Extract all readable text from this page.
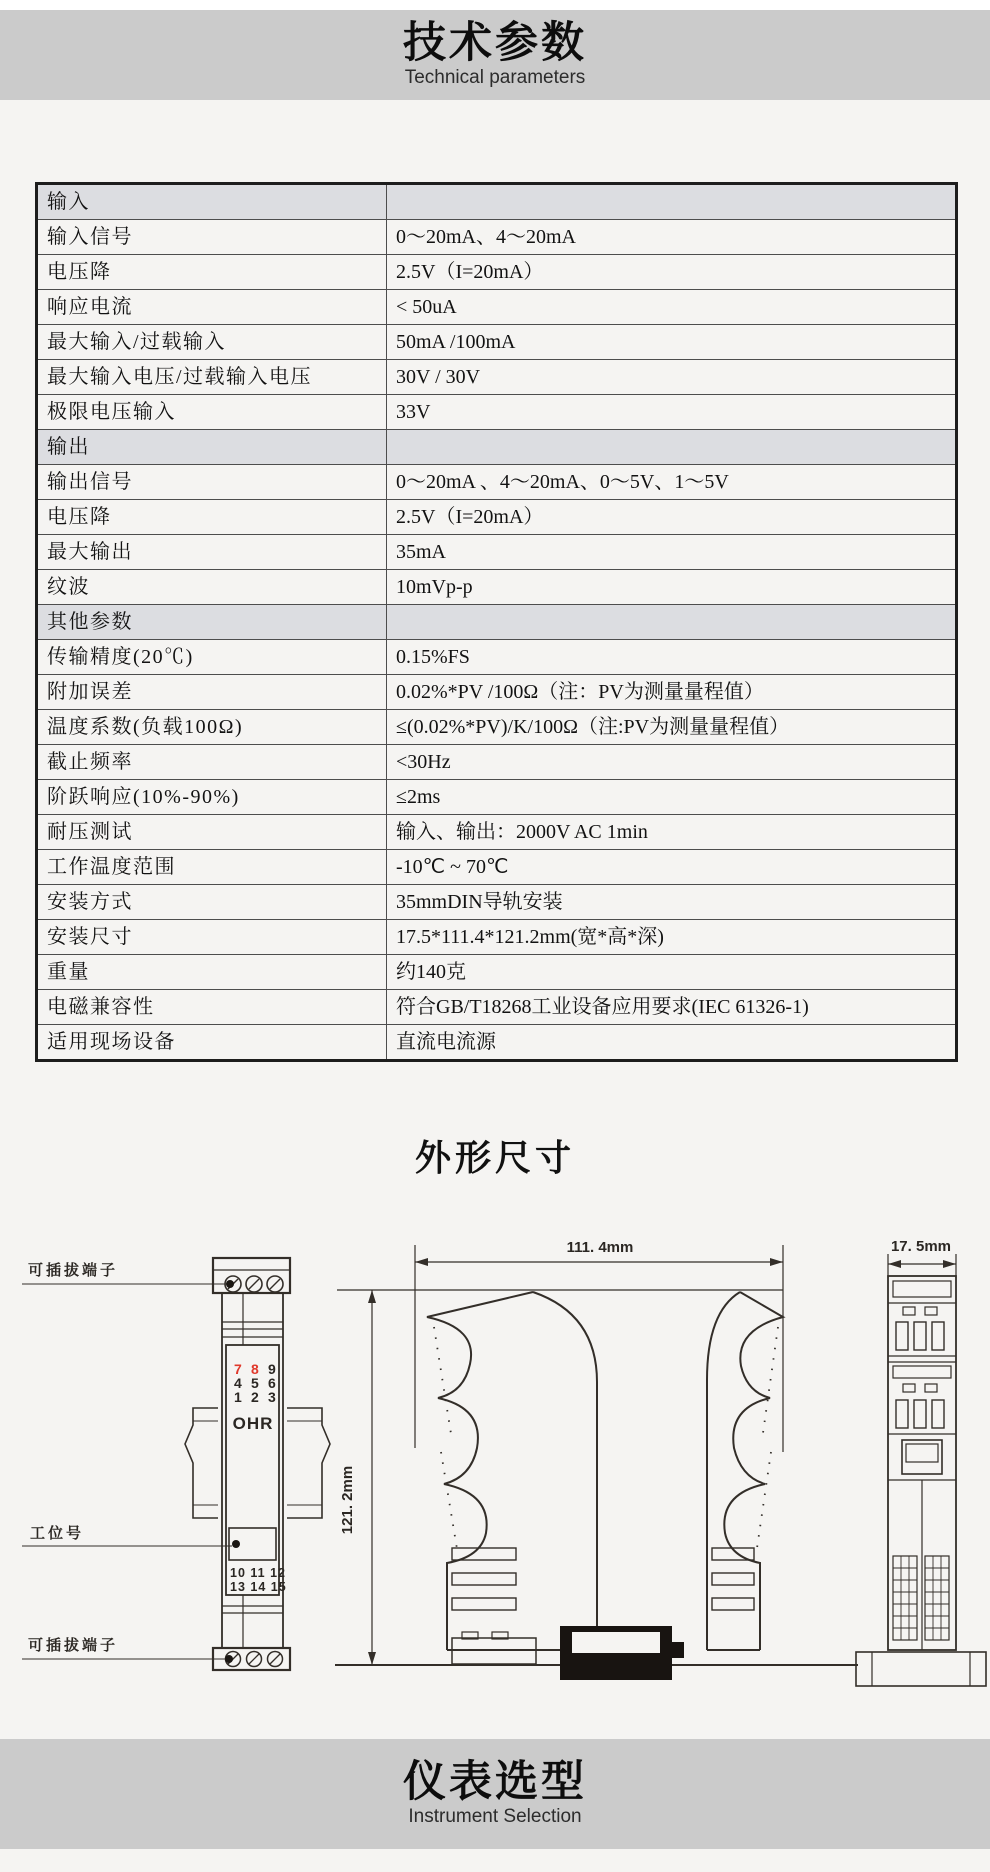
技术参数
Technical parameters
输入	
输入信号	0～20mA、4～20mA
电压降	2.5V（I=20mA）
响应电流	< 50uA
最大输入/过载输入	50mA /100mA
最大输入电压/过载输入电压	30V / 30V
极限电压输入	33V
输出	
输出信号	0～20mA 、4～20mA、0～5V、1～5V
电压降	2.5V（I=20mA）
最大输出	35mA
纹波	10mVp-p
其他参数	
传输精度(20℃)	0.15%FS
附加误差	0.02%*PV /100Ω（注：PV为测量量程值）
温度系数(负载100Ω)	≤(0.02%*PV)/K/100Ω（注:PV为测量量程值）
截止频率	<30Hz
阶跃响应(10%-90%)	≤2ms
耐压测试	输入、输出：2000V AC 1min
工作温度范围	-10℃ ~ 70℃
安装方式	35mmDIN导轨安装
安装尺寸	17.5*111.4*121.2mm(宽*高*深)
重量	约140克
电磁兼容性	符合GB/T18268工业设备应用要求(IEC 61326-1)
适用现场设备	直流电流源
外形尺寸
7 8 9
4 5 6
1 2 3
OHR
10 11 12
13 14 15
可插拔端子
工位号
可插拔端子
111. 4mm
121. 2mm
17. 5mm
仪表选型
Instrument Selection
